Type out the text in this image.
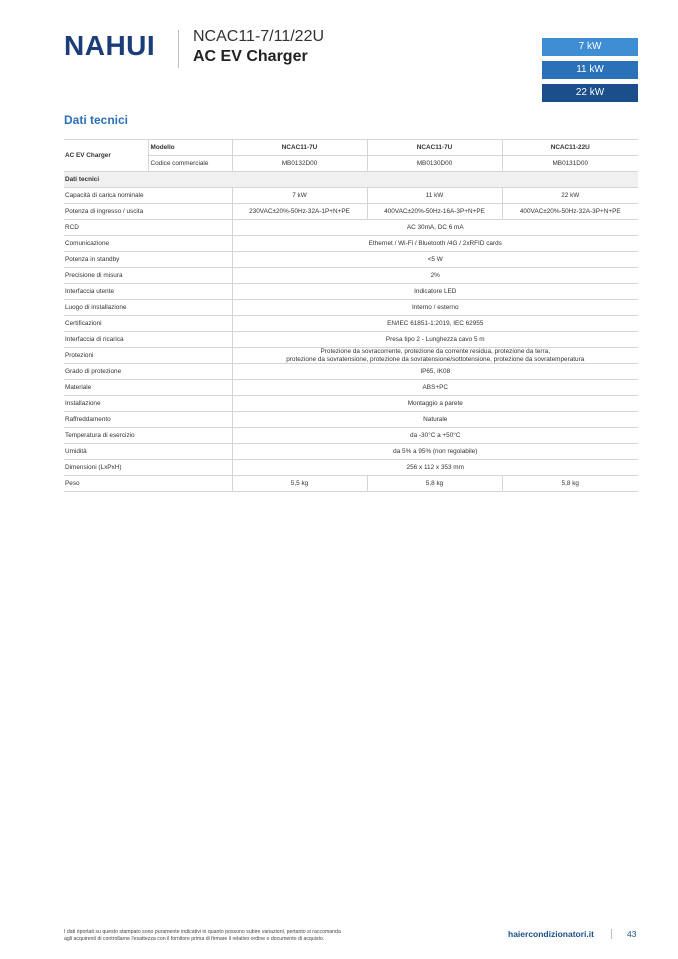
NAHUI NCAC11-7/11/22U
AC EV Charger
7 kW
11 kW
22 kW
Dati tecnici
AC EV Charger	Modello	NCAC11-7U	NCAC11-7U	NCAC11-22U
	Codice commerciale	MB0132D00	MB0130D00	MB0131D00
Dati tecnici				
Capacità di carica nominale		7 kW	11 kW	22 kW
Potenza di ingresso / uscita		230VAC±20%-50Hz-32A-1P+N+PE	400VAC±20%-50Hz-16A-3P+N+PE	400VAC±20%-50Hz-32A-3P+N+PE
RCD		AC 30mA, DC 6 mA		
Comunicazione		Ethernet / Wi-Fi / Bluetooth /4G / 2xRFID cards		
Potenza in standby		<5 W		
Precisione di misura		2%		
Interfaccia utente		Indicatore LED		
Luogo di installazione		Interno / esterno		
Certificazioni		EN/IEC 61851-1:2019, IEC 62955		
Interfaccia di ricarica		Presa tipo 2 - Lunghezza cavo 5 m		
Protezioni		Protezione da sovracorrente, protezione da corrente residua, protezione da terra,
protezione da sovratensione, protezione da sovratensione/sottotensione, protezione da sovratemperatura		

Grado di protezione		IP65, IK08		
Materiale		ABS+PC		
Installazione		Montaggio a parete		
Raffreddamento		Naturale		
Temperatura di esercizio		da -30°C a +50°C		
Umidità		da 5% a 95% (non regolabile)		
Dimensioni (LxPxH)		256 x 112 x 353 mm		
Peso		5,5 kg	5,8 kg	5,8 kg
I dati riportati su questo stampato sono puramente indicativi in quanto possono subire variazioni, pertanto si raccomanda
agli acquirenti di controllarne l'esattezza con il fornitore prima di firmare il relativo ordine o documento di acquisto.	haiercondizionatori.it	43
